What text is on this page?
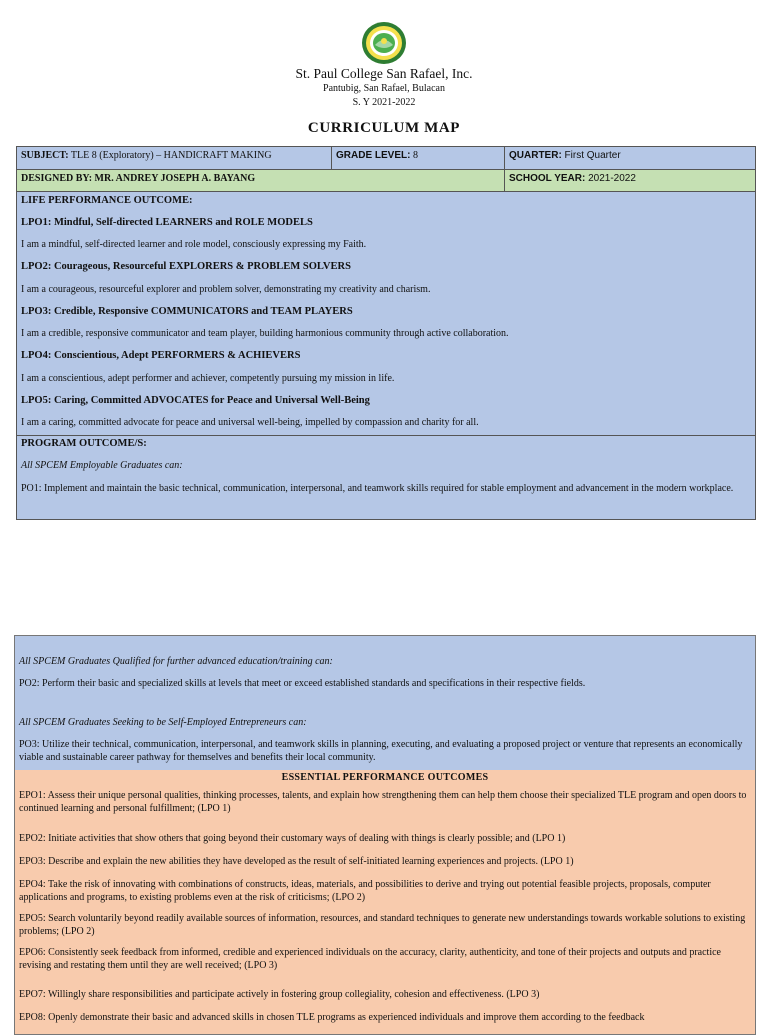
St. Paul College San Rafael, Inc.
Pantubig, San Rafael, Bulacan
S. Y 2021-2022
CURRICULUM MAP
SUBJECT: TLE 8 (Exploratory) – HANDICRAFT MAKING	GRADE LEVEL: 8	QUARTER: First Quarter
DESIGNED BY: MR. ANDREY JOSEPH A. BAYANG	SCHOOL YEAR: 2021-2022
LIFE PERFORMANCE OUTCOME:
LPO1: Mindful, Self-directed LEARNERS and ROLE MODELS
I am a mindful, self-directed learner and role model, consciously expressing my Faith.
LPO2: Courageous, Resourceful EXPLORERS & PROBLEM SOLVERS
I am a courageous, resourceful explorer and problem solver, demonstrating my creativity and charism.
LPO3: Credible, Responsive COMMUNICATORS and TEAM PLAYERS
I am a credible, responsive communicator and team player, building harmonious community through active collaboration.
LPO4: Conscientious, Adept PERFORMERS & ACHIEVERS
I am a conscientious, adept performer and achiever, competently pursuing my mission in life.
LPO5: Caring, Committed ADVOCATES for Peace and Universal Well-Being
I am a caring, committed advocate for peace and universal well-being, impelled by compassion and charity for all.
PROGRAM OUTCOME/S:
All SPCEM Employable Graduates can:
PO1: Implement and maintain the basic technical, communication, interpersonal, and teamwork skills required for stable employment and advancement in the modern workplace.
All SPCEM Graduates Qualified for further advanced education/training can:
PO2: Perform their basic and specialized skills at levels that meet or exceed established standards and specifications in their respective fields.
All SPCEM Graduates Seeking to be Self-Employed Entrepreneurs can:
PO3: Utilize their technical, communication, interpersonal, and teamwork skills in planning, executing, and evaluating a proposed project or venture that represents an economically viable and sustainable career pathway for themselves and benefits their local community.
ESSENTIAL PERFORMANCE OUTCOMES
EPO1: Assess their unique personal qualities, thinking processes, talents, and explain how strengthening them can help them choose their specialized TLE program and open doors to continued learning and personal fulfillment; (LPO 1)
EPO2: Initiate activities that show others that going beyond their customary ways of dealing with things is clearly possible; and (LPO 1)
EPO3: Describe and explain the new abilities they have developed as the result of self-initiated learning experiences and projects. (LPO 1)
EPO4: Take the risk of innovating with combinations of constructs, ideas, materials, and possibilities to derive and trying out potential feasible projects, proposals, computer applications and programs, to existing problems even at the risk of criticisms; (LPO 2)
EPO5: Search voluntarily beyond readily available sources of information, resources, and standard techniques to generate new understandings towards workable solutions to existing problems; (LPO 2)
EPO6: Consistently seek feedback from informed, credible and experienced individuals on the accuracy, clarity, authenticity, and tone of their projects and outputs and practice revising and restating them until they are well received; (LPO 3)
EPO7: Willingly share responsibilities and participate actively in fostering group collegiality, cohesion and effectiveness. (LPO 3)
EPO8: Openly demonstrate their basic and advanced skills in chosen TLE programs as experienced individuals and improve them according to the feedback
